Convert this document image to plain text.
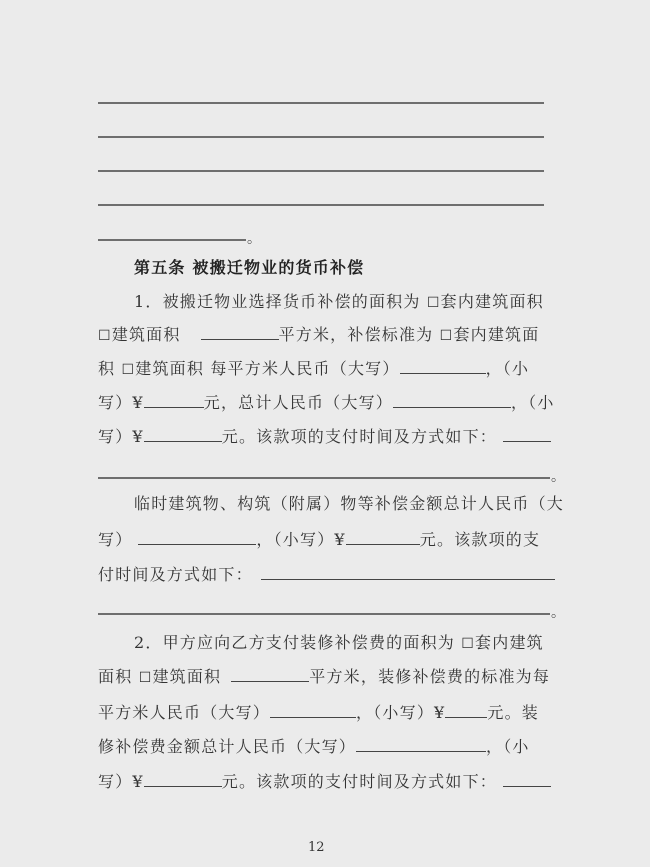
。
第五条 被搬迁物业的货币补偿
1．被搬迁物业选择货币补偿的面积为 ☐套内建筑面积
☐建筑面积	平方米，补偿标准为 ☐套内建筑面
积 ☐建筑面积 每平方米人民币（大写）	，（小
写）¥	元，总计人民币（大写）	，（小
写）¥	元。该款项的支付时间及方式如下：
。
临时建筑物、构筑（附属）物等补偿金额总计人民币（大
写）	，（小写）¥	元。该款项的支
付时间及方式如下：
。
2．甲方应向乙方支付装修补偿费的面积为 ☐套内建筑
面积 ☐建筑面积	平方米，装修补偿费的标准为每
平方米人民币（大写）	，（小写）¥	元。装
修补偿费金额总计人民币（大写）	，（小
写）¥	元。该款项的支付时间及方式如下：
12
